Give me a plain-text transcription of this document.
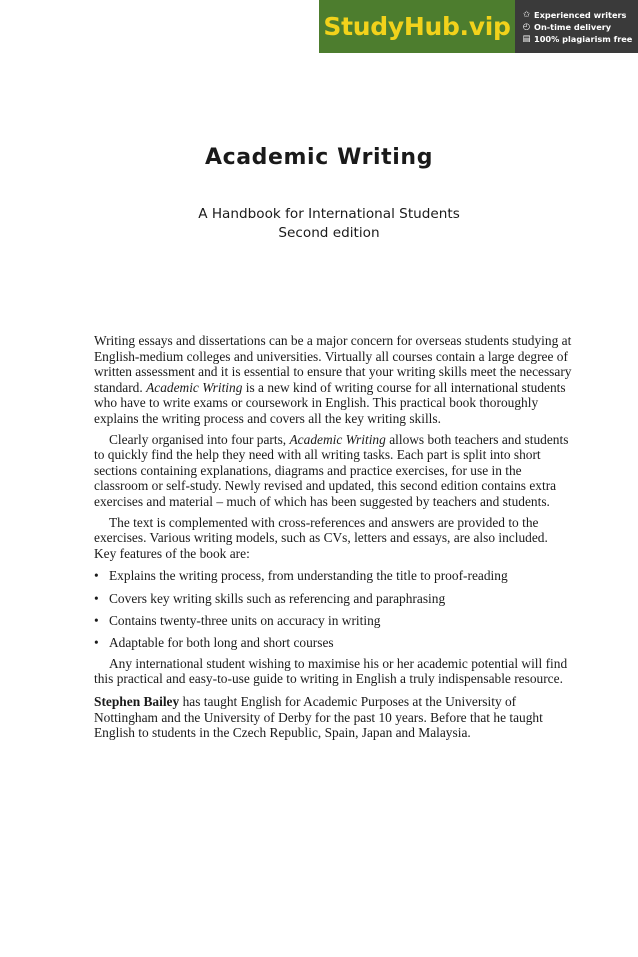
StudyHub.vip ✩ Experienced writers
◴ On-time delivery
▤ 100% plagiarism free
Academic Writing
A Handbook for International Students
Second edition

Writing essays and dissertations can be a major concern for overseas students studying at English-medium colleges and universities. Virtually all courses contain a large degree of written assessment and it is essential to ensure that your writing skills meet the necessary standard. Academic Writing is a new kind of writing course for all international students who have to write exams or coursework in English. This practical book thoroughly explains the writing process and covers all the key writing skills.

Clearly organised into four parts, Academic Writing allows both teachers and students to quickly find the help they need with all writing tasks. Each part is split into short sections containing explanations, diagrams and practice exercises, for use in the classroom or self-study. Newly revised and updated, this second edition contains extra exercises and material – much of which has been suggested by teachers and students.

The text is complemented with cross-references and answers are provided to the exercises. Various writing models, such as CVs, letters and essays, are also included. Key features of the book are:

• Explains the writing process, from understanding the title to proof-reading
• Covers key writing skills such as referencing and paraphrasing
• Contains twenty-three units on accuracy in writing
• Adaptable for both long and short courses

Any international student wishing to maximise his or her academic potential will find this practical and easy-to-use guide to writing in English a truly indispensable resource.

Stephen Bailey has taught English for Academic Purposes at the University of Nottingham and the University of Derby for the past 10 years. Before that he taught English to students in the Czech Republic, Spain, Japan and Malaysia.
